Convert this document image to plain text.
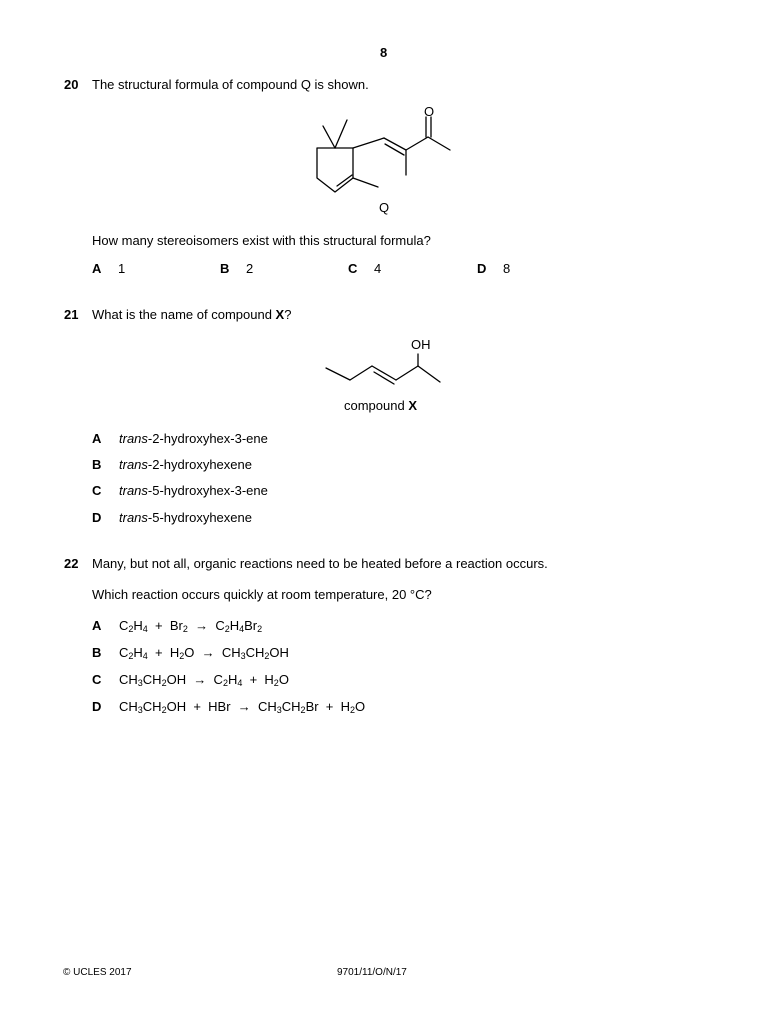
8
20 The structural formula of compound Q is shown.
O
Q
How many stereoisomers exist with this structural formula?
A 1	B 2	C 4	D 8
21 What is the name of compound X?
OH
compound X
A trans-2-hydroxyhex-3-ene
B trans-2-hydroxyhexene
C trans-5-hydroxyhex-3-ene
D trans-5-hydroxyhexene
22 Many, but not all, organic reactions need to be heated before a reaction occurs.
Which reaction occurs quickly at room temperature, 20 °C?
A C2H4  +  Br2  →  C2H4Br2
B C2H4  +  H2O  →  CH3CH2OH
C CH3CH2OH  →  C2H4  +  H2O
D CH3CH2OH  +  HBr  →  CH3CH2Br  +  H2O
© UCLES 2017	9701/11/O/N/17
